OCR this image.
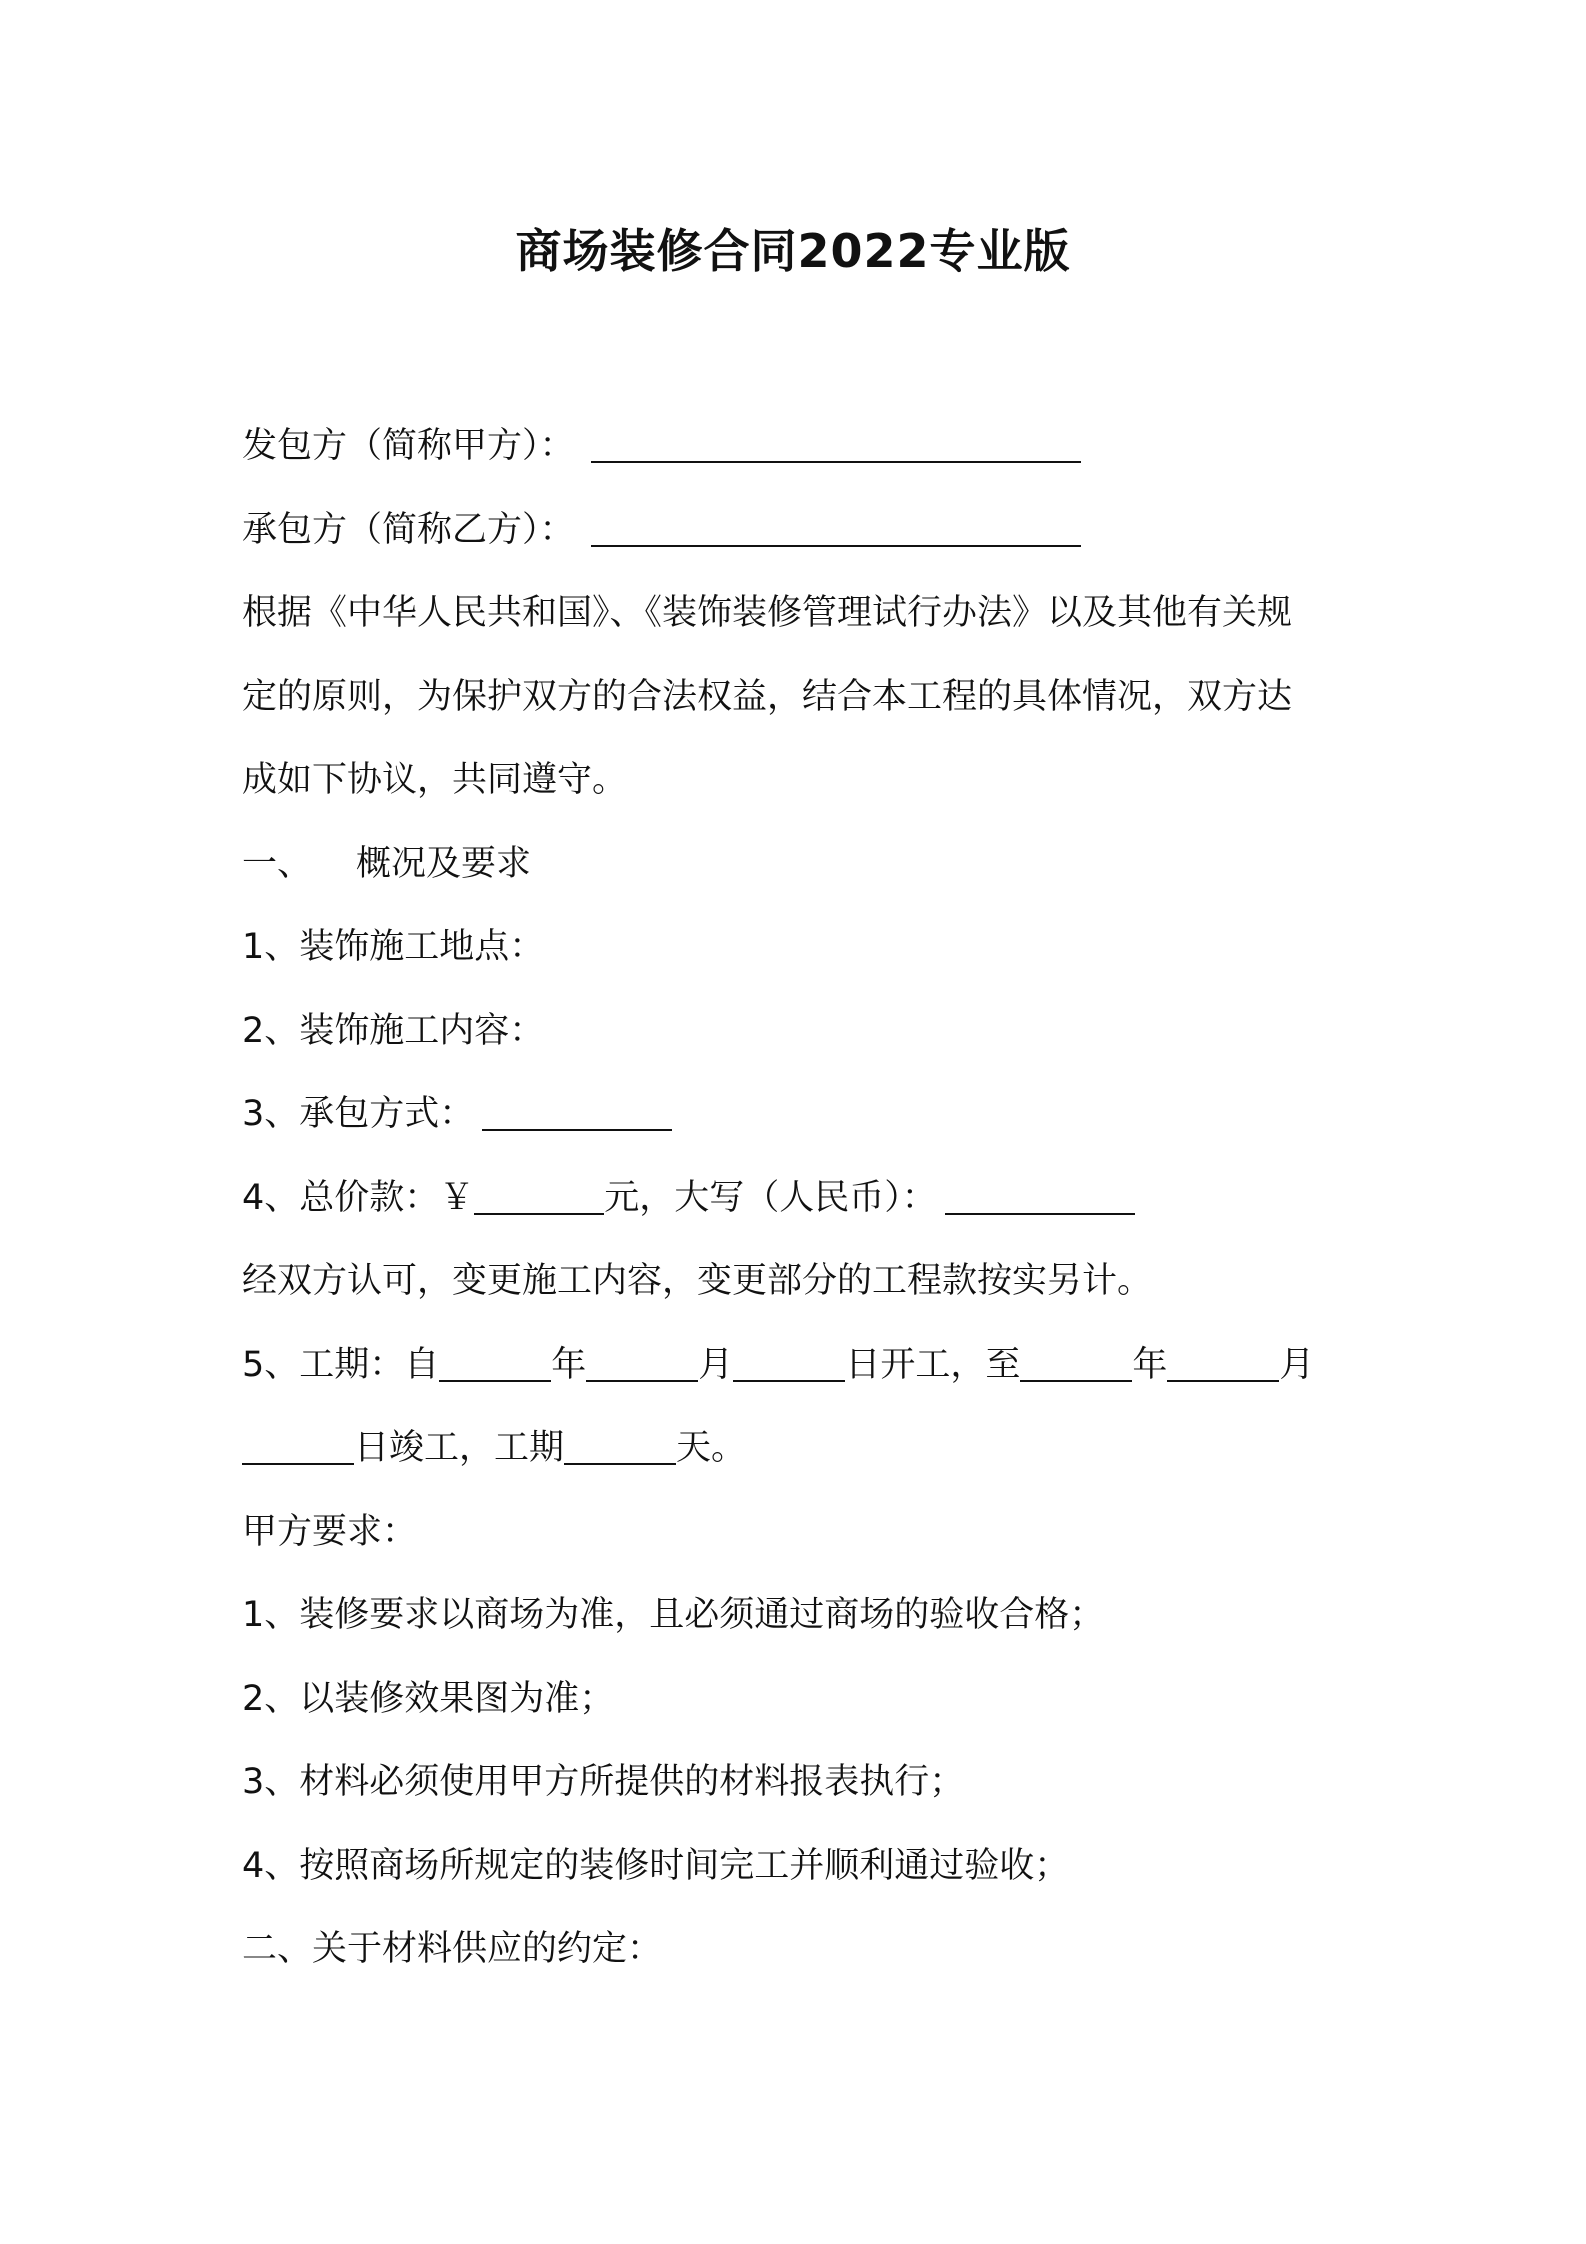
商场装修合同2022专业版
发包方（简称甲方）：
承包方（简称乙方）：
根据《中华人民共和国》、《装饰装修管理试行办法》以及其他有关规
定的原则，为保护双方的合法权益，结合本工程的具体情况，双方达
成如下协议，共同遵守。
一、 概况及要求
1、装饰施工地点：
2、装饰施工内容：
3、承包方式：
4、总价款：￥	元，大写（人民币）：
经双方认可，变更施工内容，变更部分的工程款按实另计。
5、工期：自	年	月	日开工，至	年	月
日竣工，工期	天。
甲方要求：
1、装修要求以商场为准，且必须通过商场的验收合格；
2、以装修效果图为准；
3、材料必须使用甲方所提供的材料报表执行；
4、按照商场所规定的装修时间完工并顺利通过验收；
二、关于材料供应的约定：
